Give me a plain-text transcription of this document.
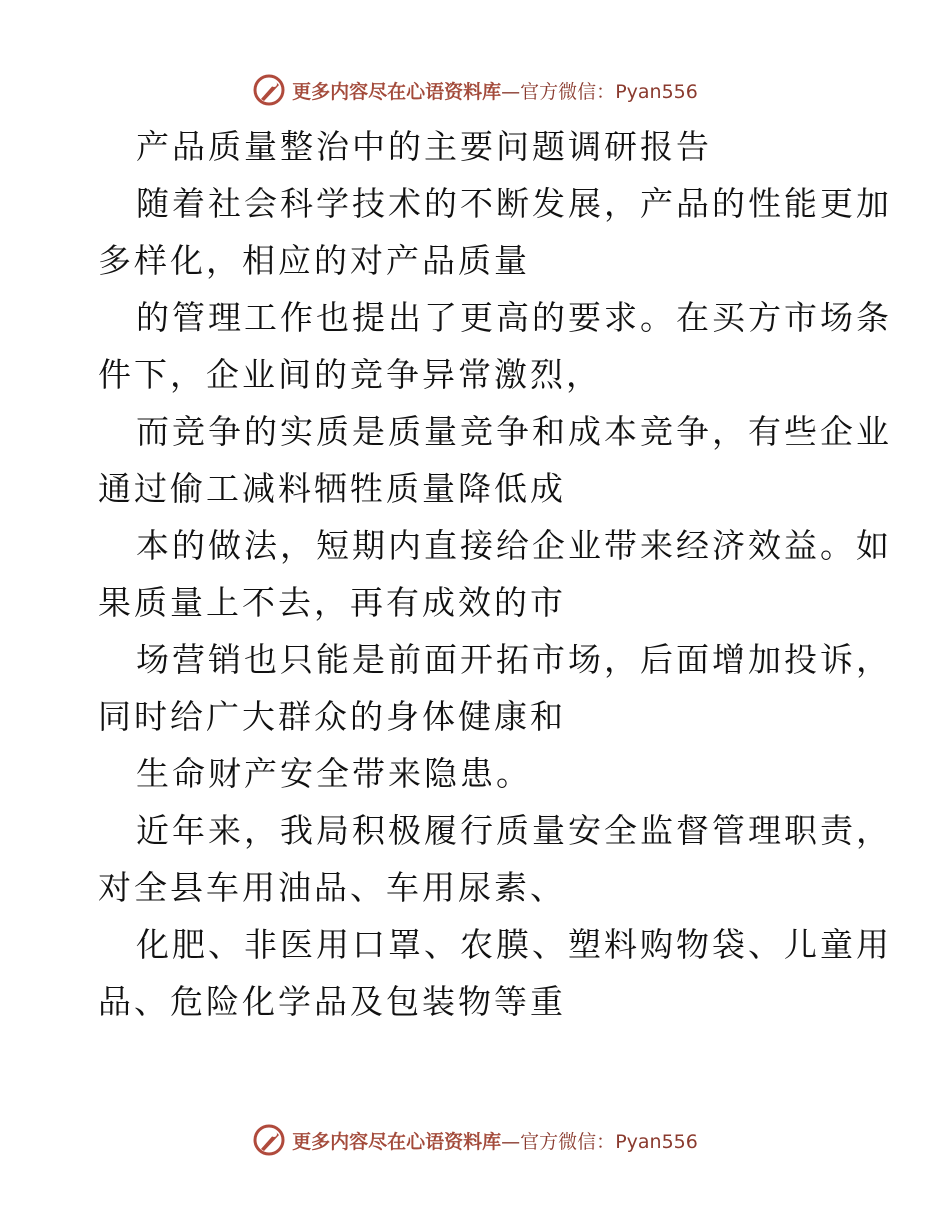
更多内容尽在心语资料库—官方微信：Pyan556
产品质量整治中的主要问题调研报告
随着社会科学技术的不断发展，产品的性能更加
多样化，相应的对产品质量
的管理工作也提出了更高的要求。在买方市场条
件下，企业间的竞争异常激烈，
而竞争的实质是质量竞争和成本竞争，有些企业
通过偷工减料牺牲质量降低成
本的做法，短期内直接给企业带来经济效益。如
果质量上不去，再有成效的市
场营销也只能是前面开拓市场，后面增加投诉，
同时给广大群众的身体健康和
生命财产安全带来隐患。
近年来，我局积极履行质量安全监督管理职责，
对全县车用油品、车用尿素、
化肥、非医用口罩、农膜、塑料购物袋、儿童用
品、危险化学品及包装物等重
更多内容尽在心语资料库—官方微信：Pyan556
